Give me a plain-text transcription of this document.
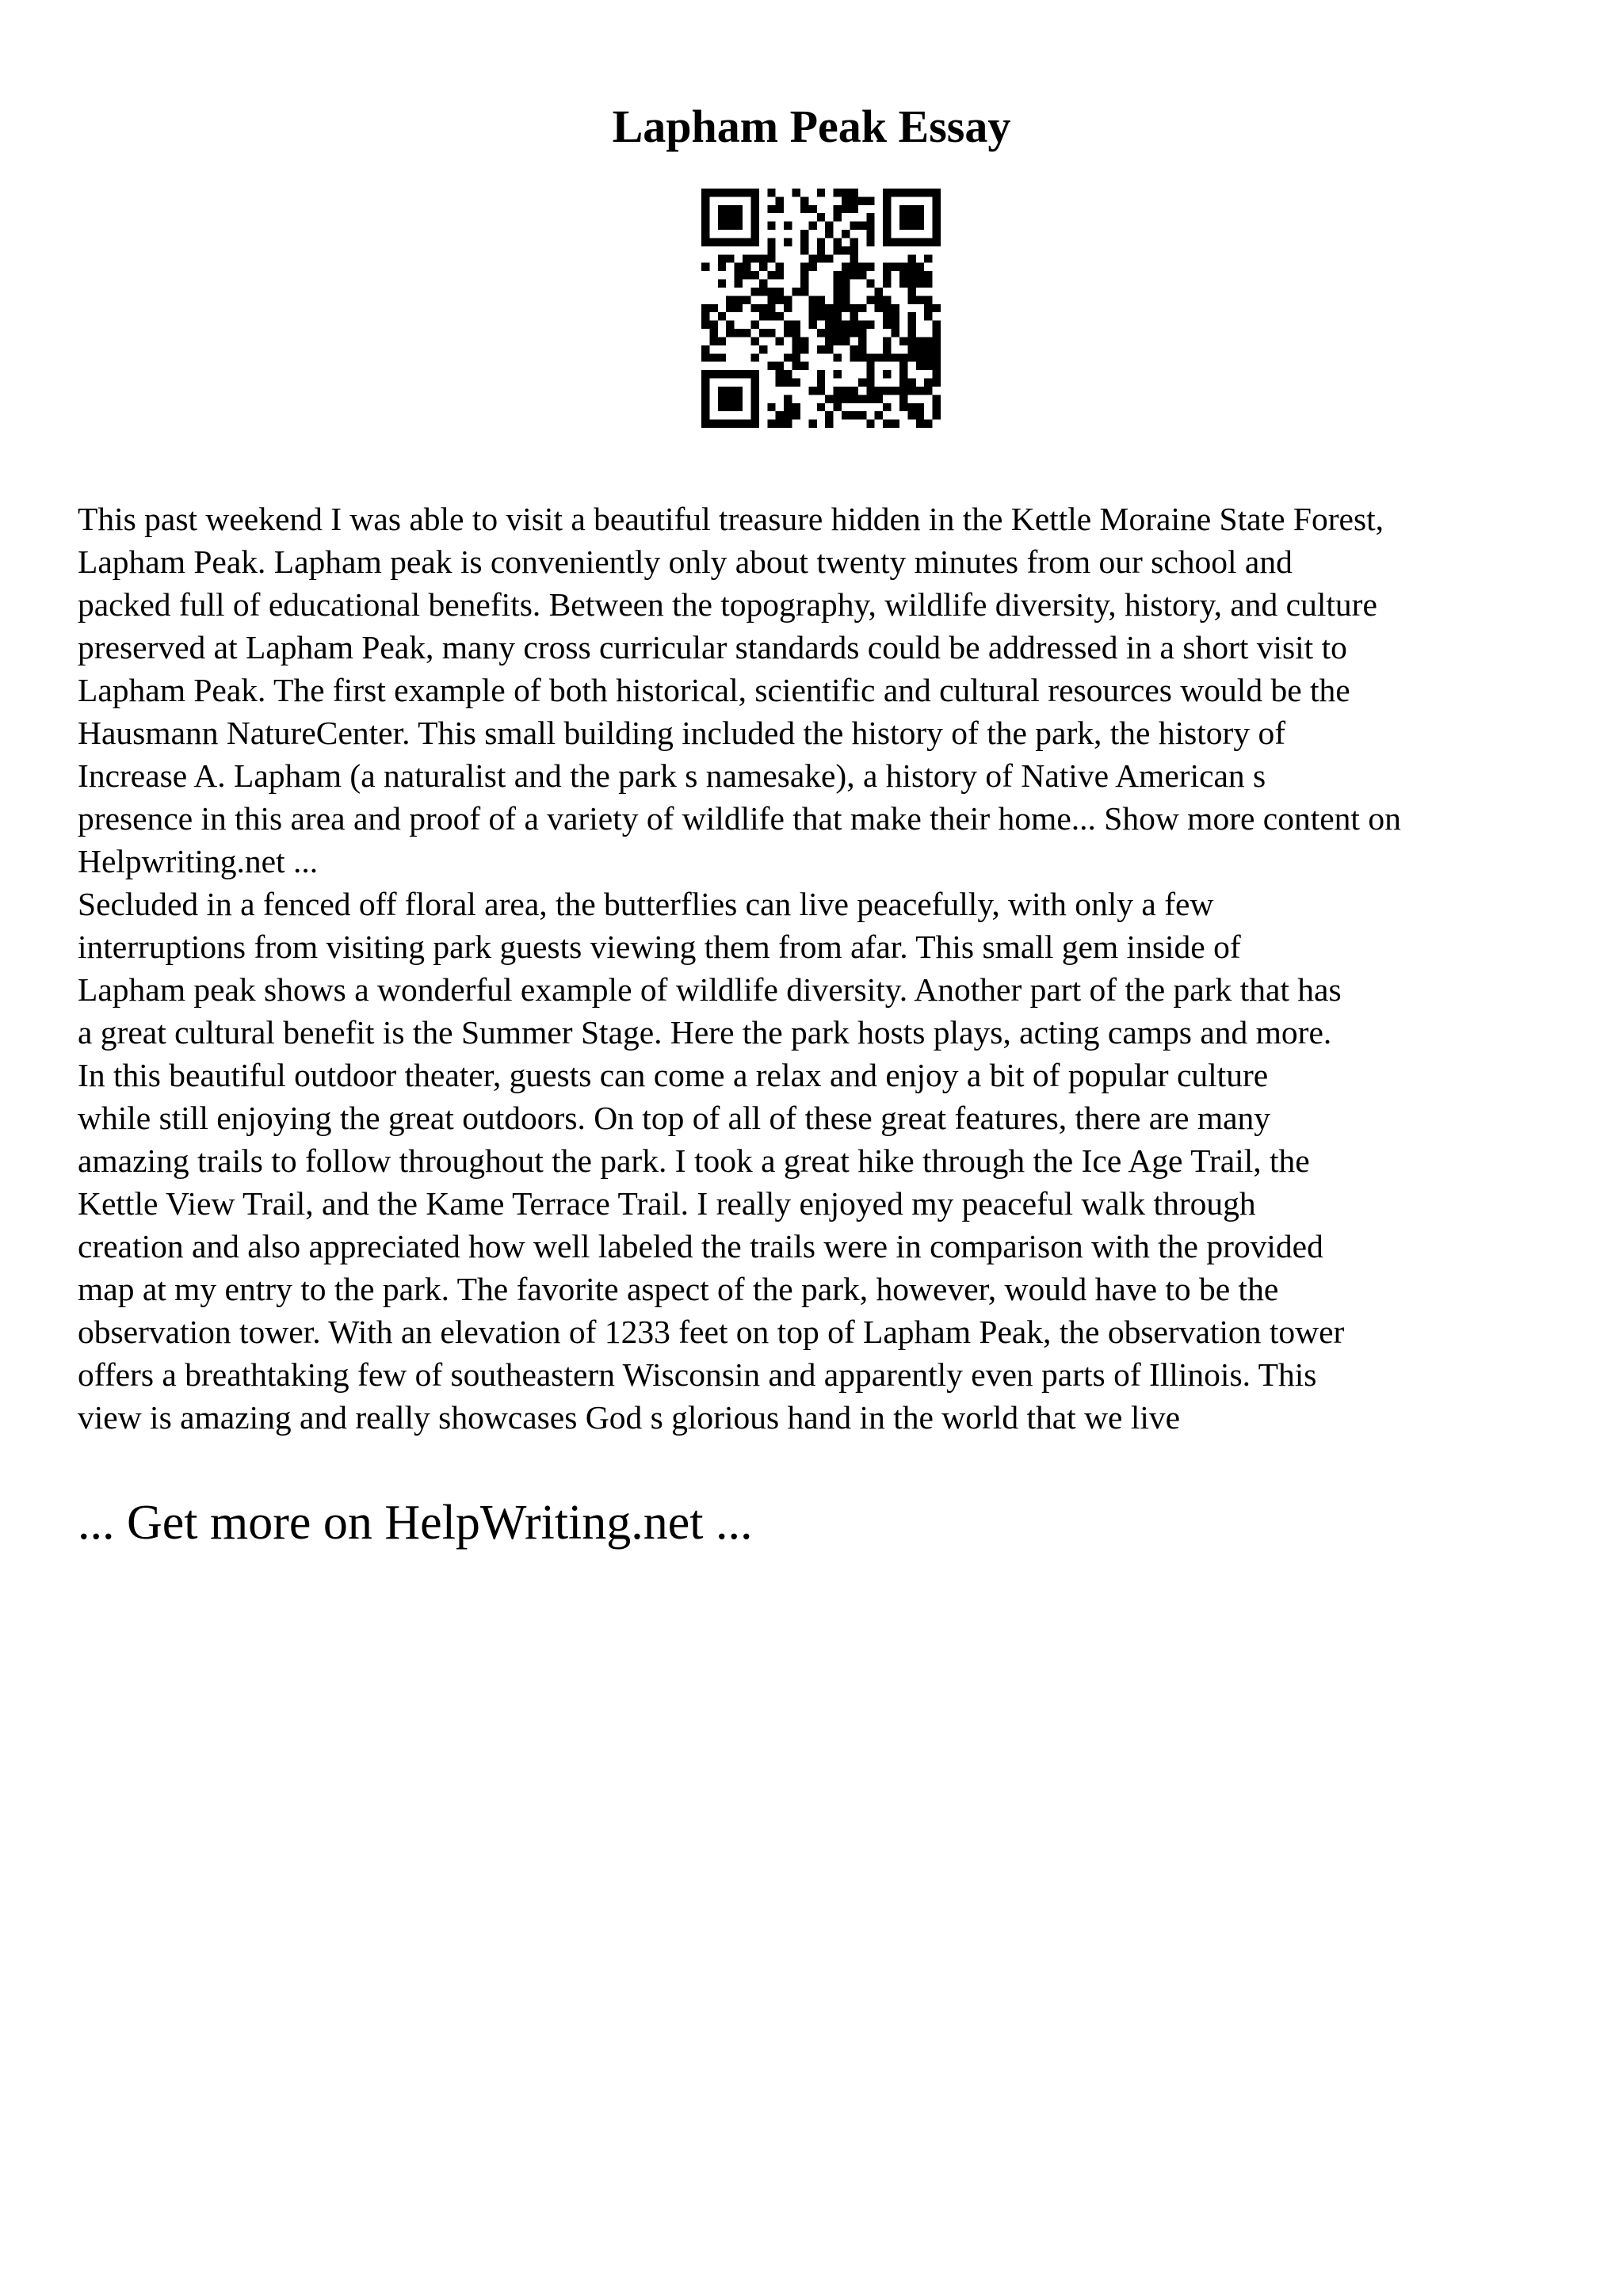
Lapham Peak Essay
This past weekend I was able to visit a beautiful treasure hidden in the Kettle Moraine State Forest,
Lapham Peak. Lapham peak is conveniently only about twenty minutes from our school and
packed full of educational benefits. Between the topography, wildlife diversity, history, and culture
preserved at Lapham Peak, many cross curricular standards could be addressed in a short visit to
Lapham Peak. The first example of both historical, scientific and cultural resources would be the
Hausmann NatureCenter. This small building included the history of the park, the history of
Increase A. Lapham (a naturalist and the park s namesake), a history of Native American s
presence in this area and proof of a variety of wildlife that make their home... Show more content on
Helpwriting.net ...
Secluded in a fenced off floral area, the butterflies can live peacefully, with only a few
interruptions from visiting park guests viewing them from afar. This small gem inside of
Lapham peak shows a wonderful example of wildlife diversity. Another part of the park that has
a great cultural benefit is the Summer Stage. Here the park hosts plays, acting camps and more.
In this beautiful outdoor theater, guests can come a relax and enjoy a bit of popular culture
while still enjoying the great outdoors. On top of all of these great features, there are many
amazing trails to follow throughout the park. I took a great hike through the Ice Age Trail, the
Kettle View Trail, and the Kame Terrace Trail. I really enjoyed my peaceful walk through
creation and also appreciated how well labeled the trails were in comparison with the provided
map at my entry to the park. The favorite aspect of the park, however, would have to be the
observation tower. With an elevation of 1233 feet on top of Lapham Peak, the observation tower
offers a breathtaking few of southeastern Wisconsin and apparently even parts of Illinois. This
view is amazing and really showcases God s glorious hand in the world that we live
... Get more on HelpWriting.net ...
